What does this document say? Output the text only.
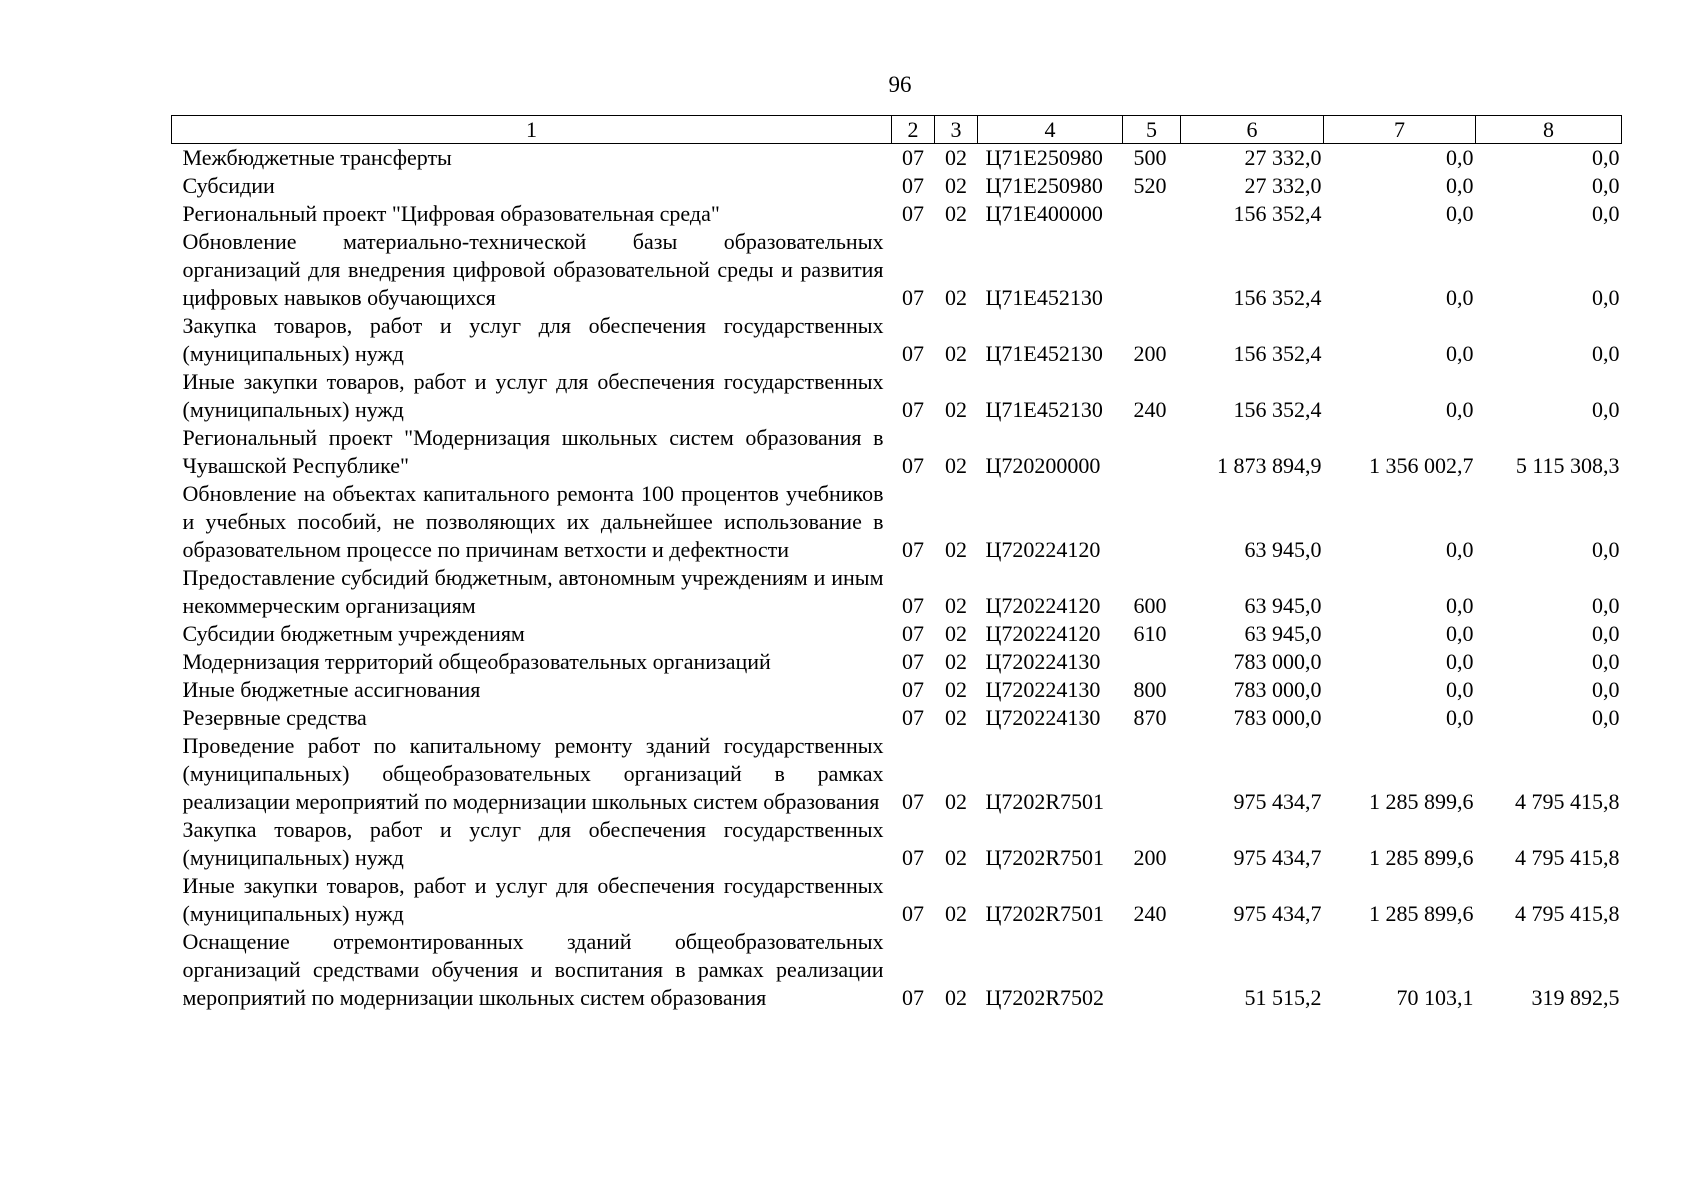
96
1	2	3	4	5	6	7	8
Межбюджетные трансферты	07	02	Ц71Е250980	500	27 332,0	0,0	0,0
Субсидии	07	02	Ц71Е250980	520	27 332,0	0,0	0,0
Региональный проект "Цифровая образовательная среда"	07	02	Ц71Е400000		156 352,4	0,0	0,0
Обновление материально-технической базы образовательных организаций для внедрения цифровой образовательной среды и развития цифровых навыков обучающихся	07	02	Ц71Е452130		156 352,4	0,0	0,0
Закупка товаров, работ и услуг для обеспечения государственных (муниципальных) нужд	07	02	Ц71Е452130	200	156 352,4	0,0	0,0
Иные закупки товаров, работ и услуг для обеспечения государственных (муниципальных) нужд	07	02	Ц71Е452130	240	156 352,4	0,0	0,0
Региональный проект "Модернизация школьных систем образования в Чувашской Республике"	07	02	Ц720200000		1 873 894,9	1 356 002,7	5 115 308,3
Обновление на объектах капитального ремонта 100 процентов учебников и учебных пособий, не позволяющих их дальнейшее использование в образовательном процессе по причинам ветхости и дефектности	07	02	Ц720224120		63 945,0	0,0	0,0
Предоставление субсидий бюджетным, автономным учреждениям и иным некоммерческим организациям	07	02	Ц720224120	600	63 945,0	0,0	0,0
Субсидии бюджетным учреждениям	07	02	Ц720224120	610	63 945,0	0,0	0,0
Модернизация территорий общеобразовательных организаций	07	02	Ц720224130		783 000,0	0,0	0,0
Иные бюджетные ассигнования	07	02	Ц720224130	800	783 000,0	0,0	0,0
Резервные средства	07	02	Ц720224130	870	783 000,0	0,0	0,0
Проведение работ по капитальному ремонту зданий государственных (муниципальных) общеобразовательных организаций в рамках реализации мероприятий по модернизации школьных систем образования	07	02	Ц7202R7501		975 434,7	1 285 899,6	4 795 415,8
Закупка товаров, работ и услуг для обеспечения государственных (муниципальных) нужд	07	02	Ц7202R7501	200	975 434,7	1 285 899,6	4 795 415,8
Иные закупки товаров, работ и услуг для обеспечения государственных (муниципальных) нужд	07	02	Ц7202R7501	240	975 434,7	1 285 899,6	4 795 415,8
Оснащение отремонтированных зданий общеобразовательных организаций средствами обучения и воспитания в рамках реализации мероприятий по модернизации школьных систем образования	07	02	Ц7202R7502		51 515,2	70 103,1	319 892,5
